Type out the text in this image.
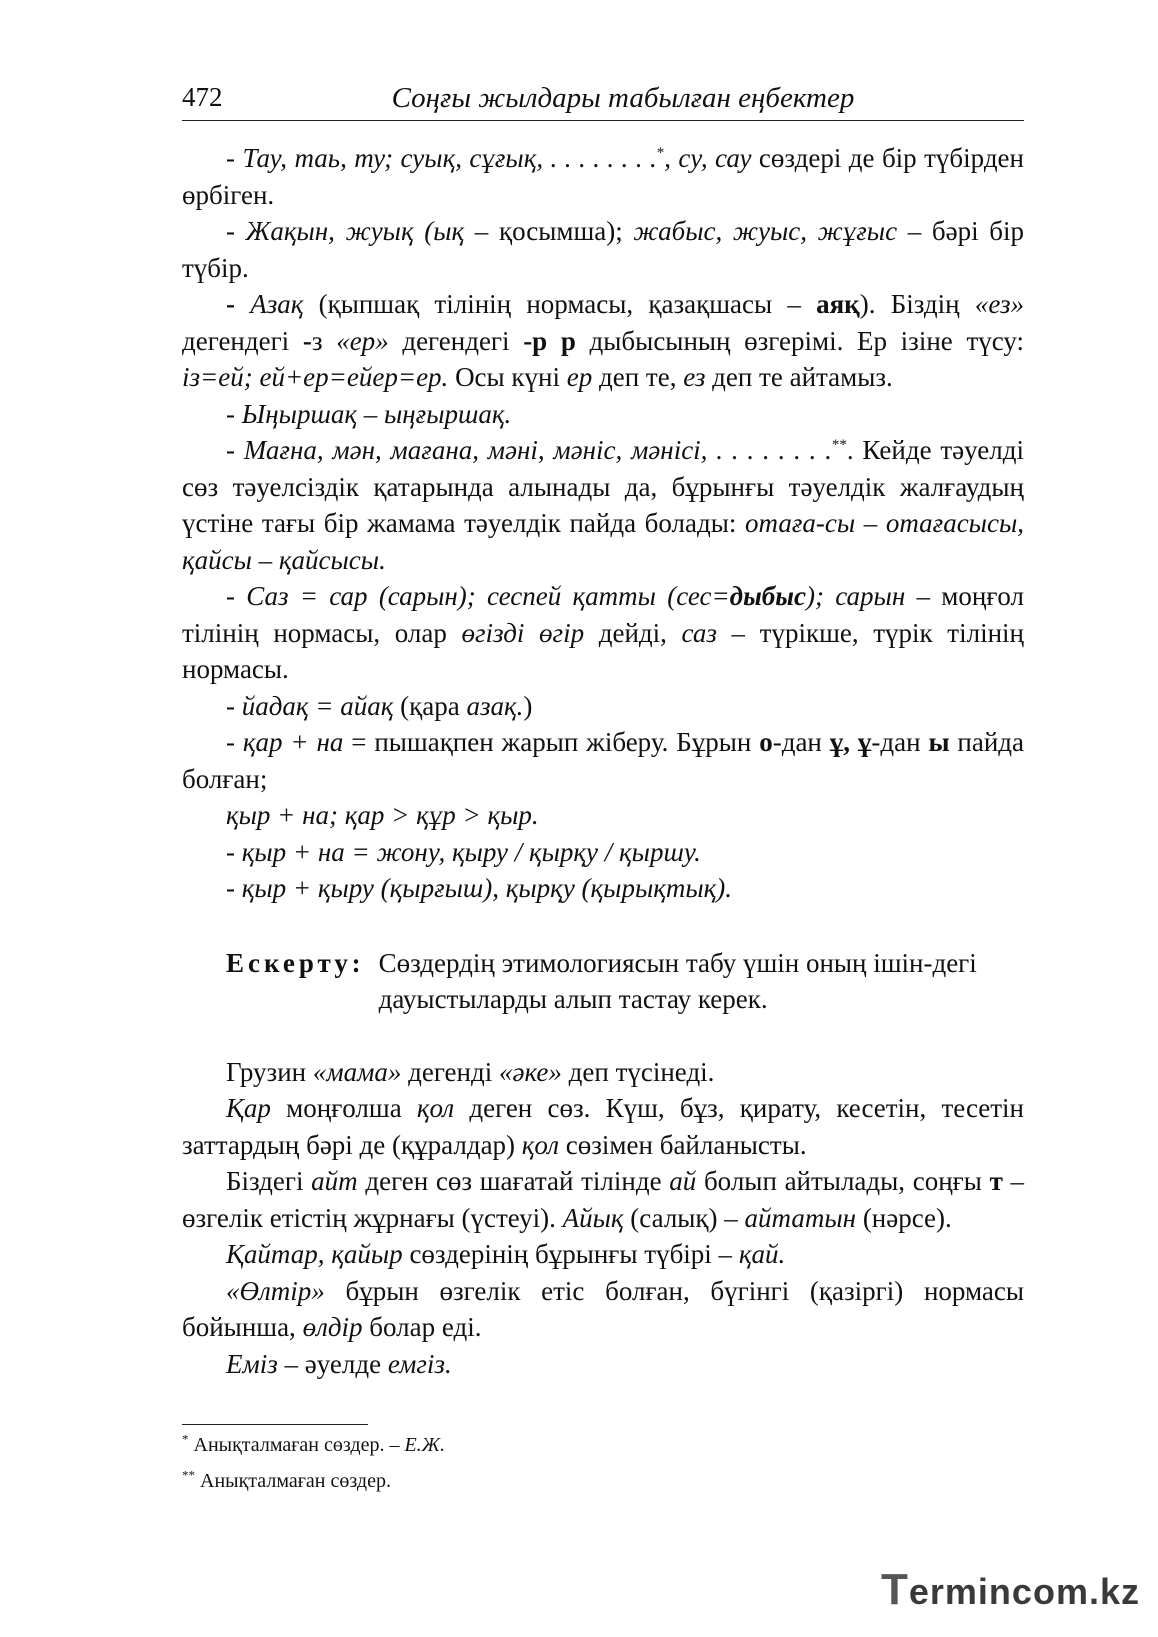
472	Соңғы жылдары табылған еңбектер

- Тау, таь, ту; суық, сұғық, . . . . . . . .*, су, сау сөздері де бір түбірден өрбіген.

- Жақын, жуық (ық – қосымша); жабыс, жуыс, жұғыс – бәрі бір түбір.

- Азақ (қыпшақ тілінің нормасы, қазақшасы – аяқ). Біздің «ез» дегендегі -з «ер» дегендегі -р р дыбысының өзгерімі. Ер ізіне түсу: із=ей; ей+ер=ейер=ер. Осы күні ер деп те, ез деп те айтамыз.

- Ыңыршақ – ыңғыршақ.

- Мағна, мән, мағана, мәні, мәніс, мәнісі, . . . . . . . .**. Кейде тәуелді сөз тәуелсіздік қатарында алынады да, бұрынғы тәуелдік жалғаудың үстіне тағы бір жамама тәуелдік пайда болады: отаға-сы – отағасысы, қайсы – қайсысы.

- Саз = сар (сарын); сеспей қатты (сес=дыбыс); сарын – моңғол тілінің нормасы, олар өгізді өгір дейді, саз – түрікше, түрік тілінің нормасы.

- йадақ = айақ (қара азақ.)

- қар + на = пышақпен жарып жіберу. Бұрын о-дан ұ, ұ-дан ы пайда болған;

қыр + на; қар > құр > қыр.

- қыр + на = жону, қыру / қырқу / қыршу.

- қыр + қыру (қырғыш), қырқу (қырықтық).

Ескерту: Сөздердің этимологиясын табу үшін оның ішін-дегі дауыстыларды алып тастау керек.

Грузин «мама» дегенді «әке» деп түсінеді.

Қар моңғолша қол деген сөз. Күш, бұз, қирату, кесетін, тесетін заттардың бәрі де (құралдар) қол сөзімен байланысты.

Біздегі айт деген сөз шағатай тілінде ай болып айтылады, соңғы т – өзгелік етістің жұрнағы (үстеуі). Айық (салық) – айтатын (нәрсе).

Қайтар, қайыр сөздерінің бұрынғы түбірі – қай.

«Өлтір» бұрын өзгелік етіс болған, бүгінгі (қазіргі) нормасы бойынша, өлдір болар еді.

Еміз – әуелде емгіз.

* Анықталмаған сөздер. – Е.Ж.
** Анықталмаған сөздер.
Termincom.kz
